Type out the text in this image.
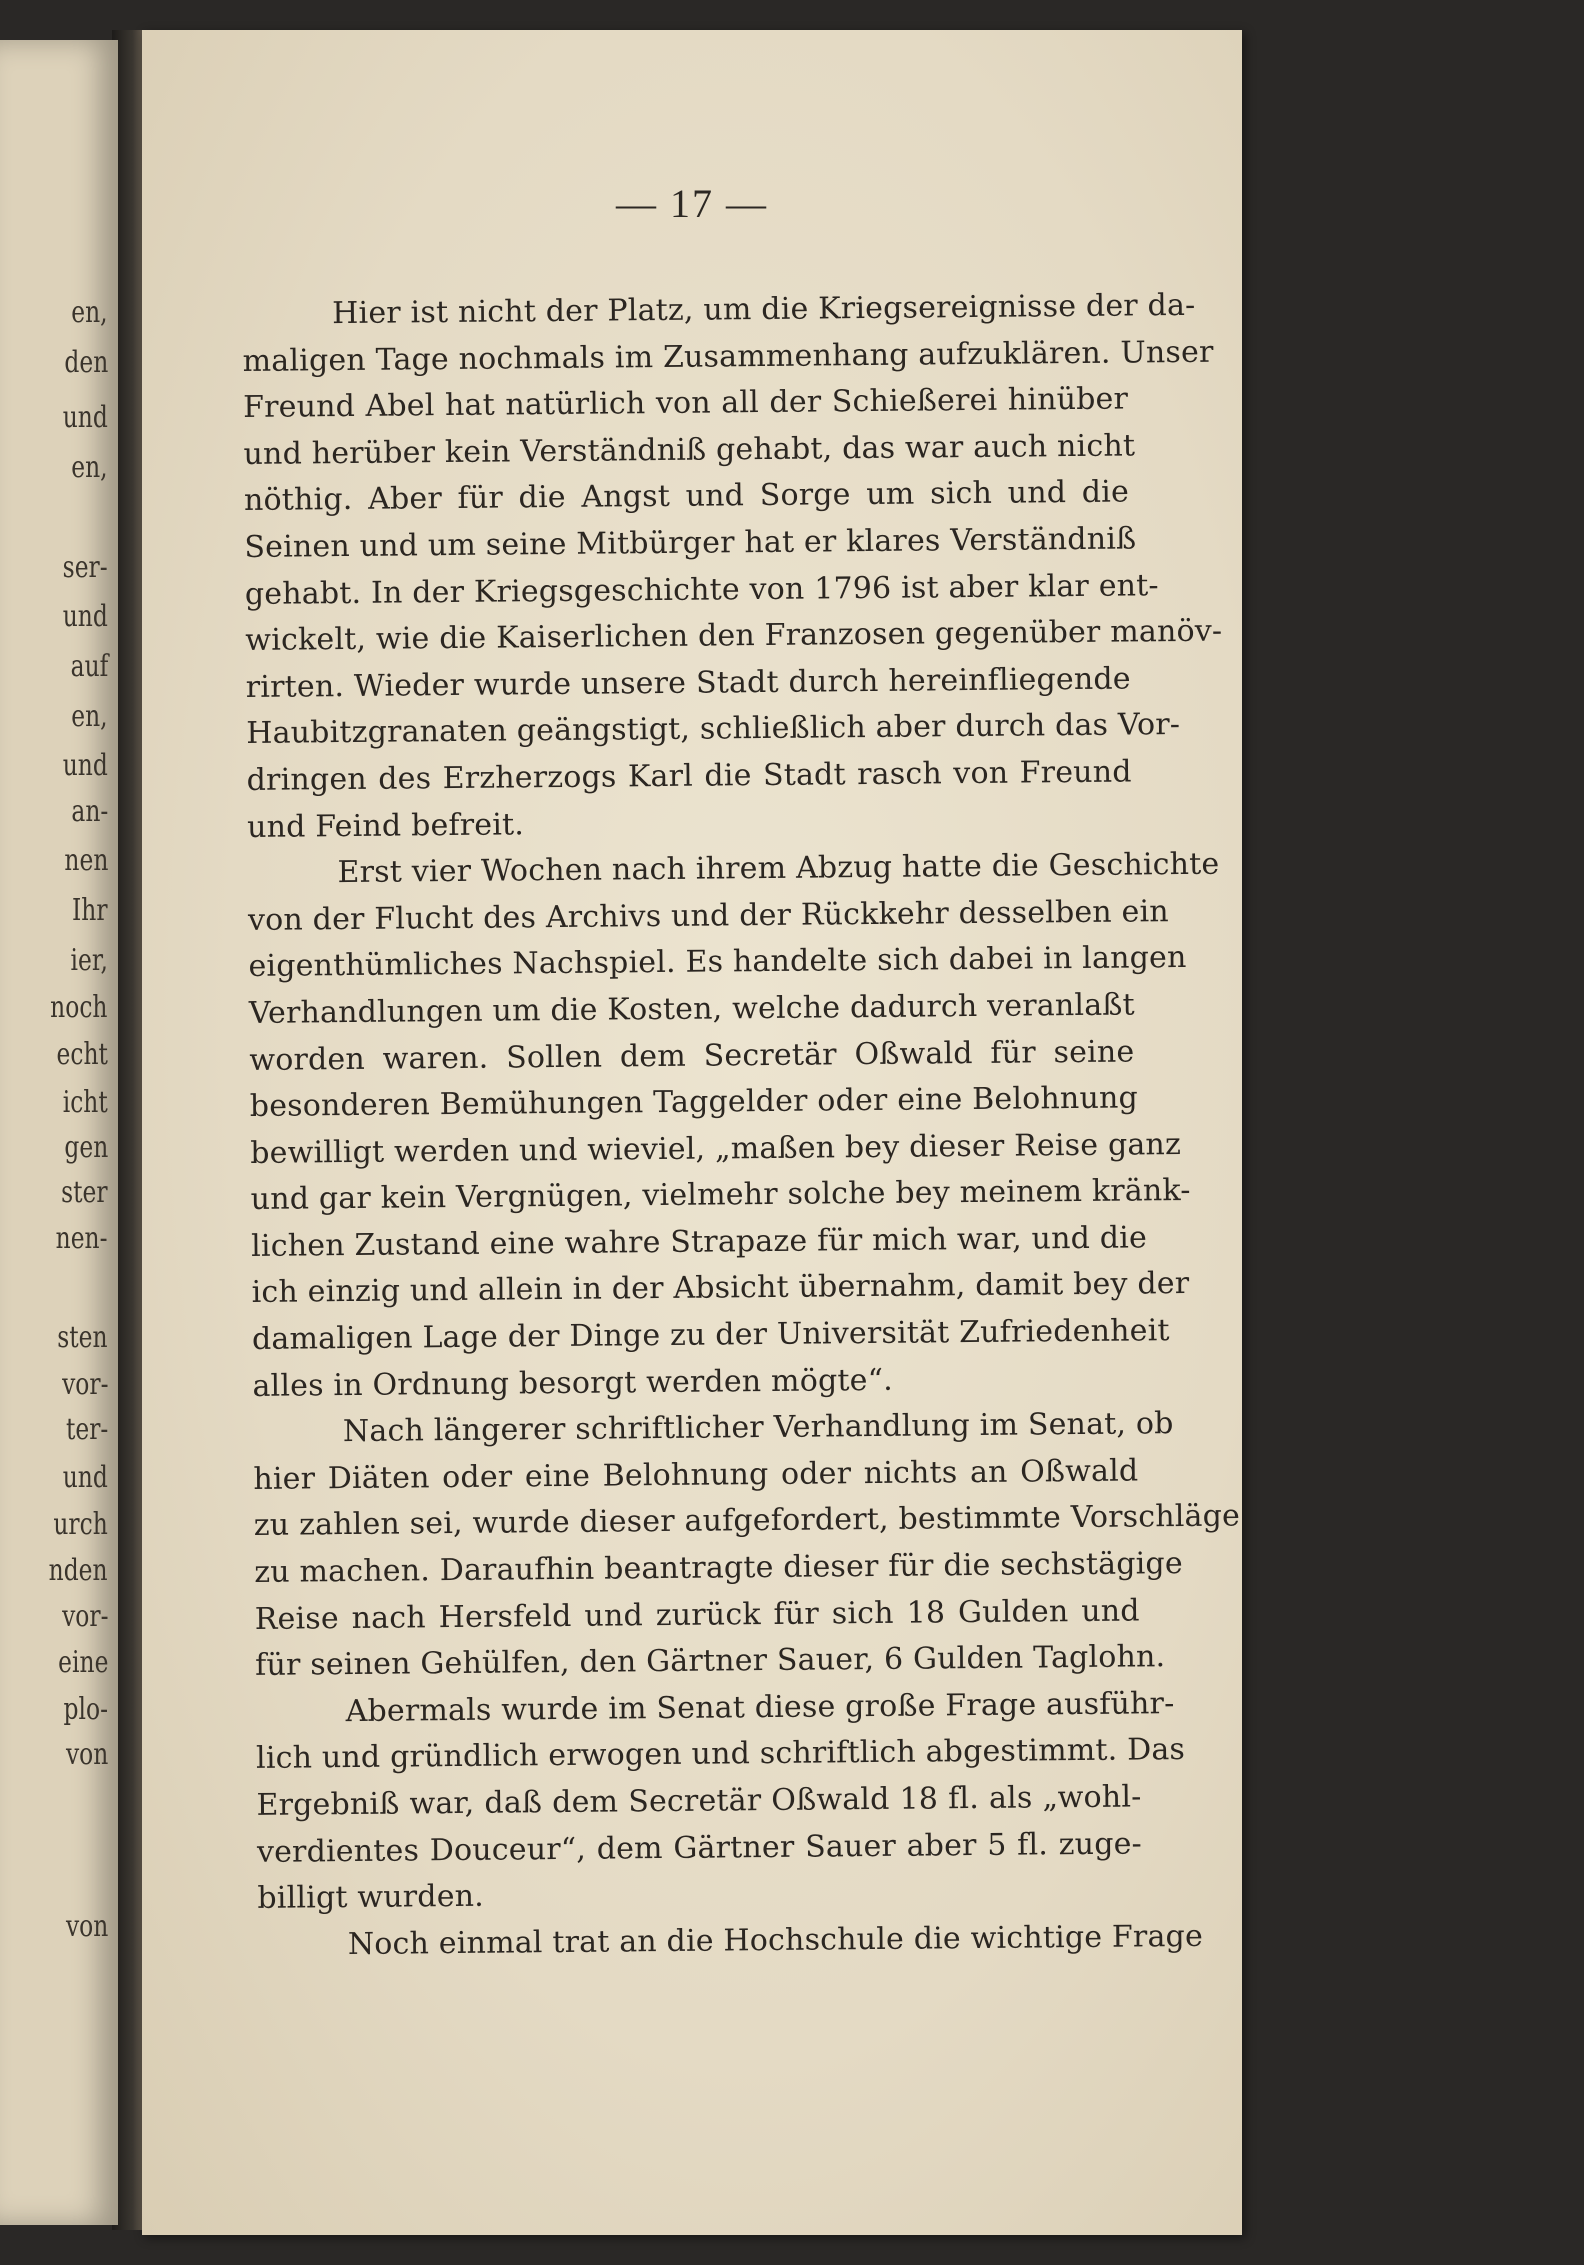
en,
den
und
en,
ser-
und
auf
en,
und
an-
nen
Ihr
ier,
noch
echt
icht
gen
ster
nen-
sten
vor-
ter-
und
urch
nden
vor-
eine
plo-
von
von
— 17 —
Hier ist nicht der Platz, um die Kriegsereignisse der da-
maligen Tage nochmals im Zusammenhang aufzuklären. Unser
Freund Abel hat natürlich von all der Schießerei hinüber
und herüber kein Verständniß gehabt, das war auch nicht
nöthig. Aber für die Angst und Sorge um sich und die
Seinen und um seine Mitbürger hat er klares Verständniß
gehabt. In der Kriegsgeschichte von 1796 ist aber klar ent-
wickelt, wie die Kaiserlichen den Franzosen gegenüber manöv-
rirten. Wieder wurde unsere Stadt durch hereinfliegende
Haubitzgranaten geängstigt, schließlich aber durch das Vor-
dringen des Erzherzogs Karl die Stadt rasch von Freund
und Feind befreit.
Erst vier Wochen nach ihrem Abzug hatte die Geschichte
von der Flucht des Archivs und der Rückkehr desselben ein
eigenthümliches Nachspiel. Es handelte sich dabei in langen
Verhandlungen um die Kosten, welche dadurch veranlaßt
worden waren. Sollen dem Secretär Oßwald für seine
besonderen Bemühungen Taggelder oder eine Belohnung
bewilligt werden und wieviel, „maßen bey dieser Reise ganz
und gar kein Vergnügen, vielmehr solche bey meinem kränk-
lichen Zustand eine wahre Strapaze für mich war, und die
ich einzig und allein in der Absicht übernahm, damit bey der
damaligen Lage der Dinge zu der Universität Zufriedenheit
alles in Ordnung besorgt werden mögte“.
Nach längerer schriftlicher Verhandlung im Senat, ob
hier Diäten oder eine Belohnung oder nichts an Oßwald
zu zahlen sei, wurde dieser aufgefordert, bestimmte Vorschläge
zu machen. Daraufhin beantragte dieser für die sechstägige
Reise nach Hersfeld und zurück für sich 18 Gulden und
für seinen Gehülfen, den Gärtner Sauer, 6 Gulden Taglohn.
Abermals wurde im Senat diese große Frage ausführ-
lich und gründlich erwogen und schriftlich abgestimmt. Das
Ergebniß war, daß dem Secretär Oßwald 18 fl. als „wohl-
verdientes Douceur“, dem Gärtner Sauer aber 5 fl. zuge-
billigt wurden.
Noch einmal trat an die Hochschule die wichtige Frage
